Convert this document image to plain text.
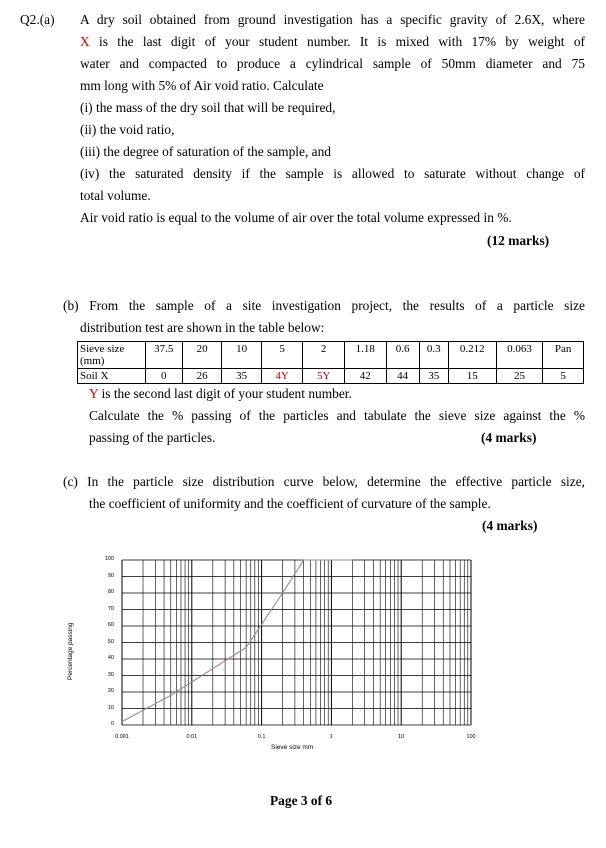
Q2.(a) A dry soil obtained from ground investigation has a specific gravity of 2.6X, where
X is the last digit of your student number. It is mixed with 17% by weight of
water and compacted to produce a cylindrical sample of 50mm diameter and 75
mm long with 5% of Air void ratio. Calculate
(i) the mass of the dry soil that will be required,
(ii) the void ratio,
(iii) the degree of saturation of the sample, and
(iv) the saturated density if the sample is allowed to saturate without change of
total volume.
Air void ratio is equal to the volume of air over the total volume expressed in %.
(12 marks)
(b) From the sample of a site investigation project, the results of a particle size
distribution test are shown in the table below:
Sieve size (mm)	37.5	20	10	5	2	1.18	0.6	0.3	0.212	0.063	Pan
Soil X	0	26	35	4Y	5Y	42	44	35	15	25	5
Y is the second last digit of your student number.
Calculate the % passing of the particles and tabulate the sieve size against the %
passing of the particles.	(4 marks)
(c) In the particle size distribution curve below, determine the effective particle size,
the coefficient of uniformity and the coefficient of curvature of the sample.
(4 marks)
0
10
20
30
40
50
60
70
80
90
100
0.001	0.01	0.1	1	10	100
Percentage passing
Sieve size mm
Page 3 of 6
